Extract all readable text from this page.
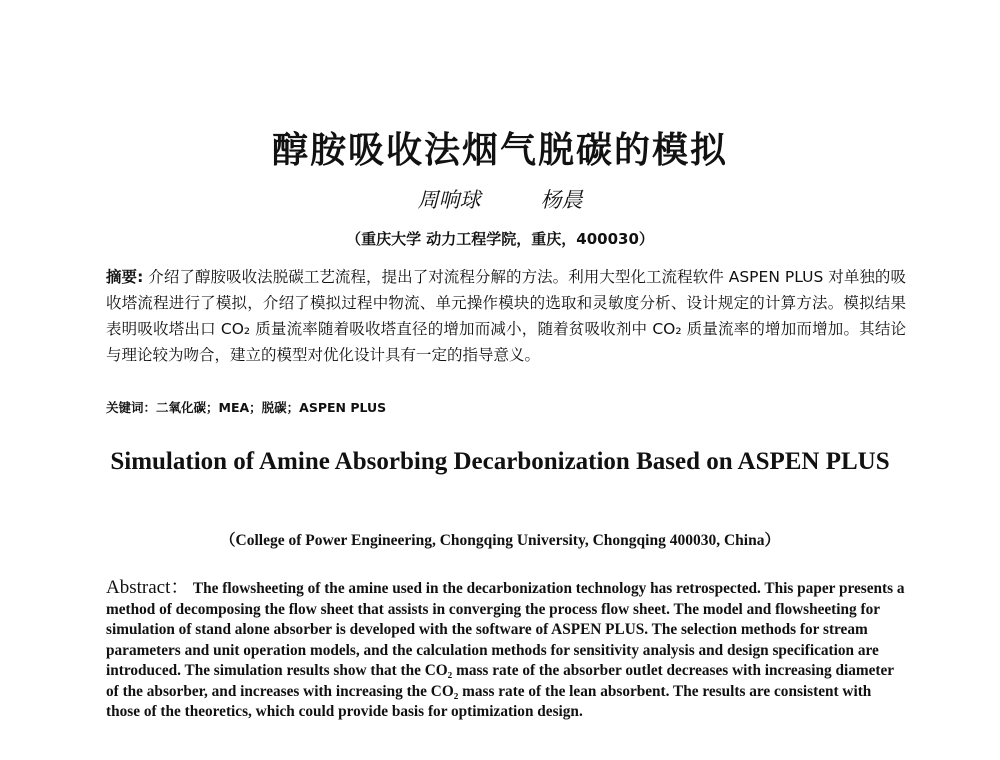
醇胺吸收法烟气脱碳的模拟
周响球	杨晨
（重庆大学 动力工程学院，重庆，400030）
摘要: 介绍了醇胺吸收法脱碳工艺流程，提出了对流程分解的方法。利用大型化工流程软件 ASPEN PLUS 对单独的吸收塔流程进行了模拟，介绍了模拟过程中物流、单元操作模块的选取和灵敏度分析、设计规定的计算方法。模拟结果表明吸收塔出口 CO₂ 质量流率随着吸收塔直径的增加而减小，随着贫吸收剂中 CO₂ 质量流率的增加而增加。其结论与理论较为吻合，建立的模型对优化设计具有一定的指导意义。
关键词：二氧化碳；MEA；脱碳；ASPEN PLUS
Simulation of Amine Absorbing Decarbonization Based on ASPEN PLUS
（College of Power Engineering, Chongqing University, Chongqing 400030, China）
Abstract： The flowsheeting of the amine used in the decarbonization technology has retrospected. This paper presents a method of decomposing the flow sheet that assists in converging the process flow sheet. The model and flowsheeting for simulation of stand alone absorber is developed with the software of ASPEN PLUS. The selection methods for stream parameters and unit operation models, and the calculation methods for sensitivity analysis and design specification are introduced. The simulation results show that the CO₂ mass rate of the absorber outlet decreases with increasing diameter of the absorber, and increases with increasing the CO₂ mass rate of the lean absorbent. The results are consistent with those of the theoretics, which could provide basis for optimization design.
